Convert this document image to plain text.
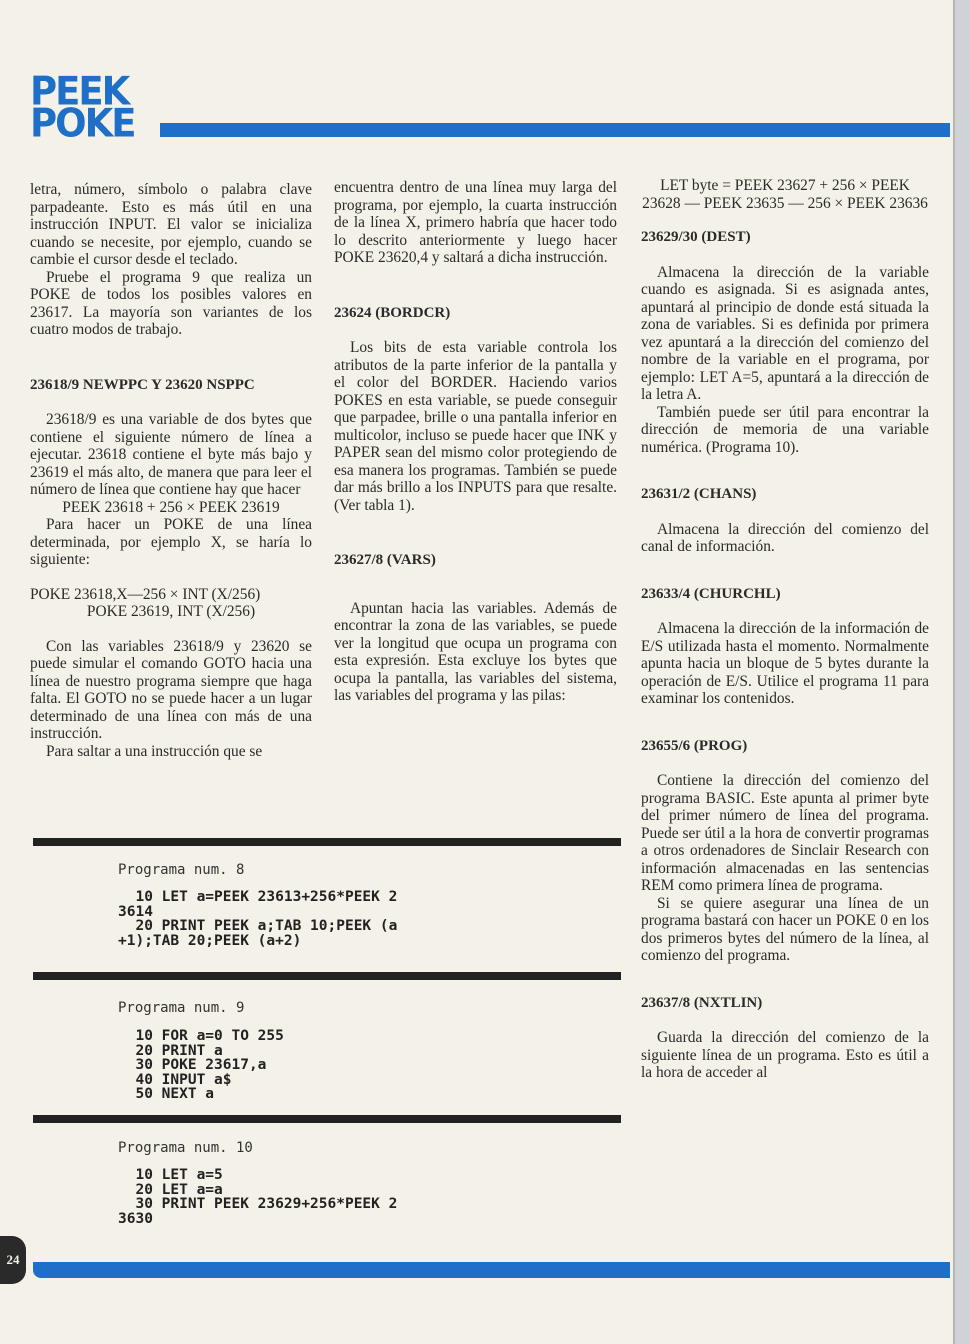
PEEK
POKE

letra, número, símbolo o palabra clave parpadeante. Esto es más útil en una instrucción INPUT. El valor se inicializa cuando se necesite, por ejemplo, cuando se cambie el cursor desde el teclado.

Pruebe el programa 9 que realiza un POKE de todos los posibles valores en 23617. La mayoría son variantes de los cuatro modos de trabajo.

23618/9 NEWPPC Y 23620 NSPPC

23618/9 es una variable de dos bytes que contiene el siguiente número de línea a ejecutar. 23618 contiene el byte más bajo y 23619 el más alto, de manera que para leer el número de línea que contiene hay que hacer

PEEK 23618 + 256 × PEEK 23619

Para hacer un POKE de una línea determinada, por ejemplo X, se haría lo siguiente:

POKE 23618,X—256 × INT (X/256)

POKE 23619, INT (X/256)

Con las variables 23618/9 y 23620 se puede simular el comando GOTO hacia una línea de nuestro programa siempre que haga falta. El GOTO no se puede hacer a un lugar determinado de una línea con más de una instrucción.

Para saltar a una instrucción que se

encuentra dentro de una línea muy larga del programa, por ejemplo, la cuarta instrucción de la línea X, primero habría que hacer todo lo descrito anteriormente y luego hacer POKE 23620,4 y saltará a dicha instrucción.

23624 (BORDCR)

Los bits de esta variable controla los atributos de la parte inferior de la pantalla y el color del BORDER. Haciendo varios POKES en esta variable, se puede conseguir que parpadee, brille o una pantalla inferior en multicolor, incluso se puede hacer que INK y PAPER sean del mismo color protegiendo de esa manera los programas. También se puede dar más brillo a los INPUTS para que resalte. (Ver tabla 1).

23627/8 (VARS)

Apuntan hacia las variables. Además de encontrar la zona de las variables, se puede ver la longitud que ocupa un programa con esta expresión. Esta excluye los bytes que ocupa la pantalla, las variables del sistema, las variables del programa y las pilas:

LET byte = PEEK 23627 + 256 × PEEK 23628 — PEEK 23635 — 256 × PEEK 23636

23629/30 (DEST)

Almacena la dirección de la variable cuando es asignada. Si es asignada antes, apuntará al principio de donde está situada la zona de variables. Si es definida por primera vez apuntará a la dirección del comienzo del nombre de la variable en el programa, por ejemplo: LET A=5, apuntará a la dirección de la letra A.

También puede ser útil para encontrar la dirección de memoria de una variable numérica. (Programa 10).

23631/2 (CHANS)

Almacena la dirección del comienzo del canal de información.

23633/4 (CHURCHL)

Almacena la dirección de la información de E/S utilizada hasta el momento. Normalmente apunta hacia un bloque de 5 bytes durante la operación de E/S. Utilice el programa 11 para examinar los contenidos.

23655/6 (PROG)

Contiene la dirección del comienzo del programa BASIC. Este apunta al primer byte del primer número de línea del programa. Puede ser útil a la hora de convertir programas a otros ordenadores de Sinclair Research con información almacenadas en las sentencias REM como primera línea de programa.

Si se quiere asegurar una línea de un programa bastará con hacer un POKE 0 en los dos primeros bytes del número de la línea, al comienzo del programa.

23637/8 (NXTLIN)

Guarda la dirección del comienzo de la siguiente línea de un programa. Esto es útil a la hora de acceder al

Programa num. 8
10 LET a=PEEK 23613+256*PEEK 2
3614
20 PRINT PEEK a;TAB 10;PEEK (a
+1);TAB 20;PEEK (a+2)
Programa num. 9
10 FOR a=0 TO 255
20 PRINT a
30 POKE 23617,a
40 INPUT a$
50 NEXT a
Programa num. 10
10 LET a=5
20 LET a=a
30 PRINT PEEK 23629+256*PEEK 2
3630
24
